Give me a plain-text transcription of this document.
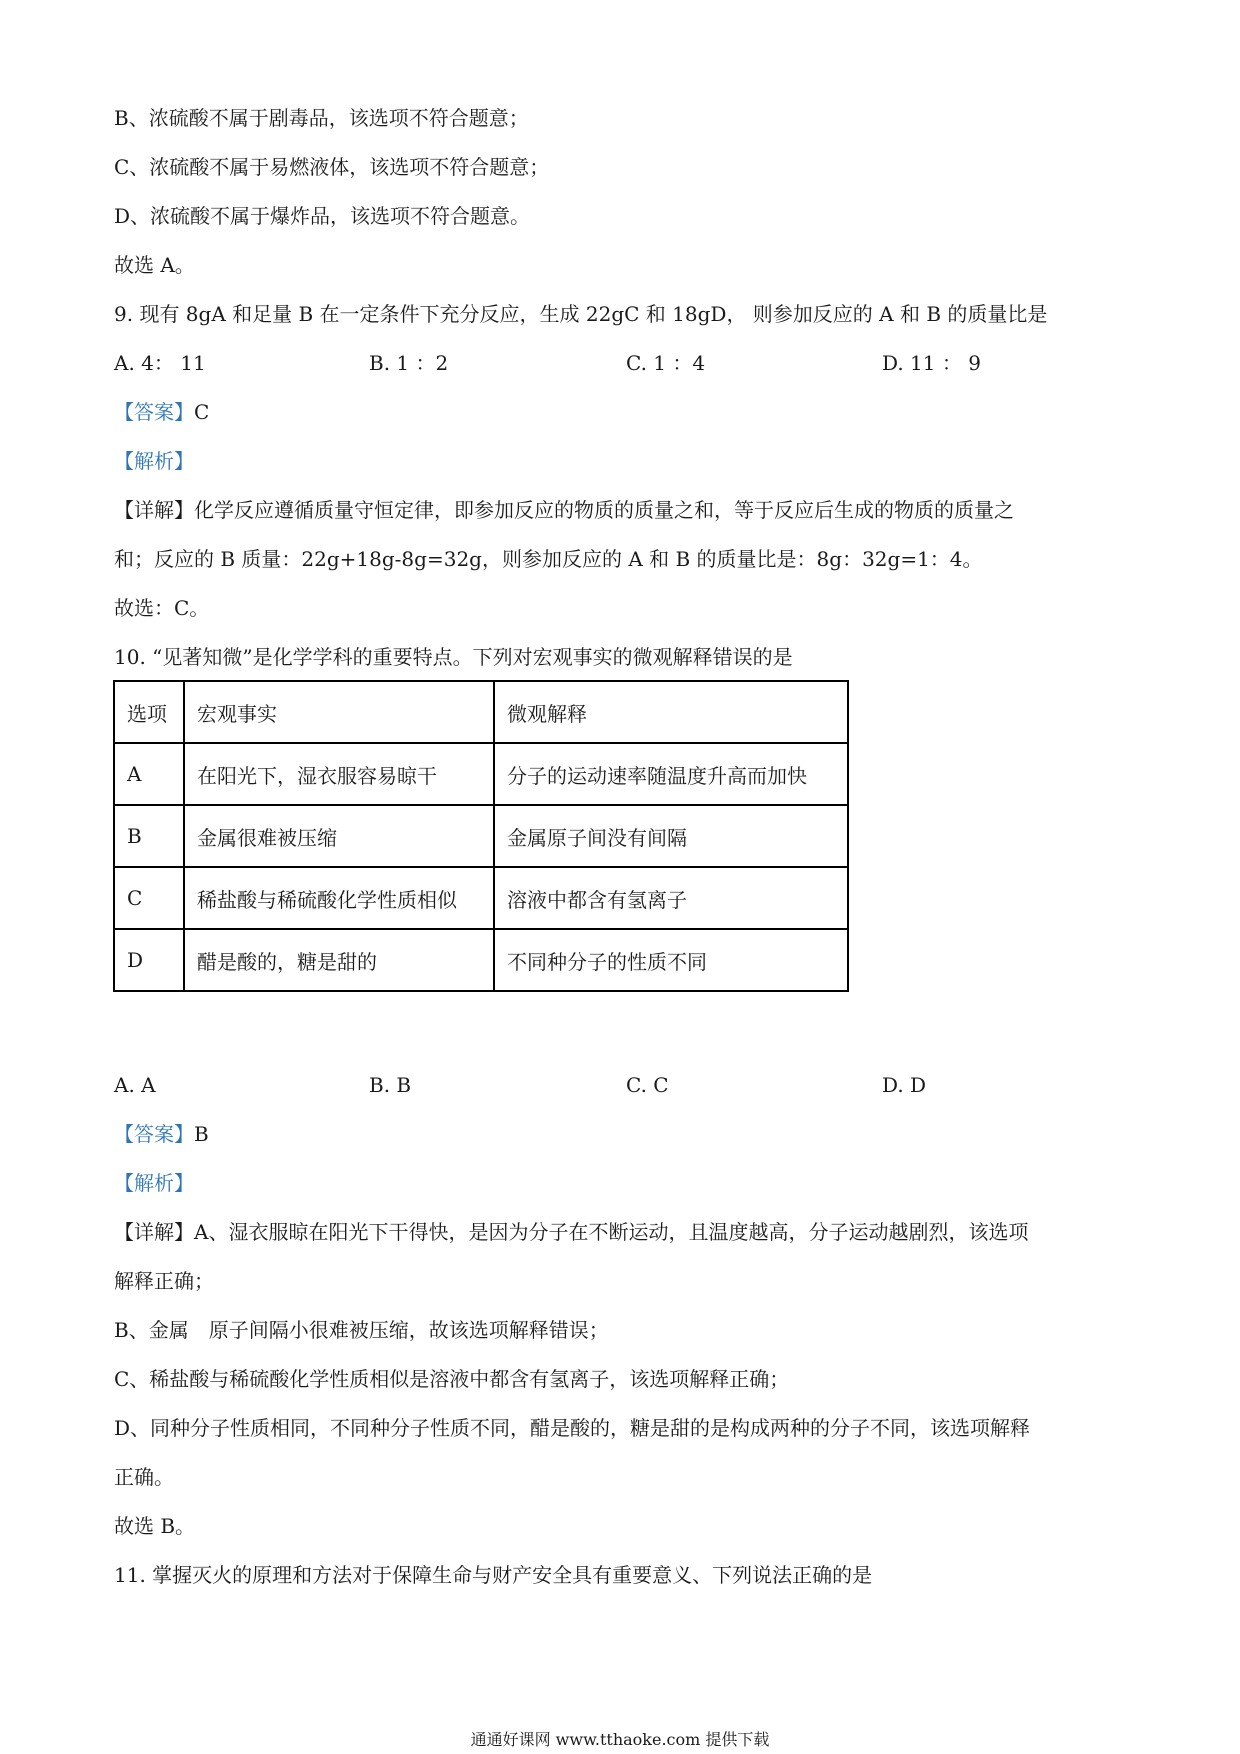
B、浓硫酸不属于剧毒品，该选项不符合题意；
C、浓硫酸不属于易燃液体，该选项不符合题意；
D、浓硫酸不属于爆炸品，该选项不符合题意。
故选 A。
9. 现有 8gA 和足量 B 在一定条件下充分反应，生成 22gC 和 18gD， 则参加反应的 A 和 B 的质量比是
A. 4： 11	B. 1 ：2	C. 1 ：4	D. 11 ： 9
【答案】C
【解析】
【详解】化学反应遵循质量守恒定律，即参加反应的物质的质量之和，等于反应后生成的物质的质量之
和；反应的 B 质量：22g+18g-8g=32g，则参加反应的 A 和 B 的质量比是：8g：32g=1：4。
故选：C。
10. “见著知微”是化学学科的重要特点。下列对宏观事实的微观解释错误的是
选项	宏观事实	微观解释
A	在阳光下，湿衣服容易晾干	分子的运动速率随温度升高而加快
B	金属很难被压缩	金属原子间没有间隔
C	稀盐酸与稀硫酸化学性质相似	溶液中都含有氢离子
D	醋是酸的，糖是甜的	不同种分子的性质不同
A. A	B. B	C. C	D. D
【答案】B
【解析】
【详解】A、湿衣服晾在阳光下干得快，是因为分子在不断运动，且温度越高，分子运动越剧烈，该选项
解释正确；
B、金属　原子间隔小很难被压缩，故该选项解释错误；
C、稀盐酸与稀硫酸化学性质相似是溶液中都含有氢离子，该选项解释正确；
D、同种分子性质相同，不同种分子性质不同，醋是酸的，糖是甜的是构成两种的分子不同，该选项解释
正确。
故选 B。
11. 掌握灭火的原理和方法对于保障生命与财产安全具有重要意义、下列说法正确的是
通通好课网 www.tthaoke.com 提供下载
